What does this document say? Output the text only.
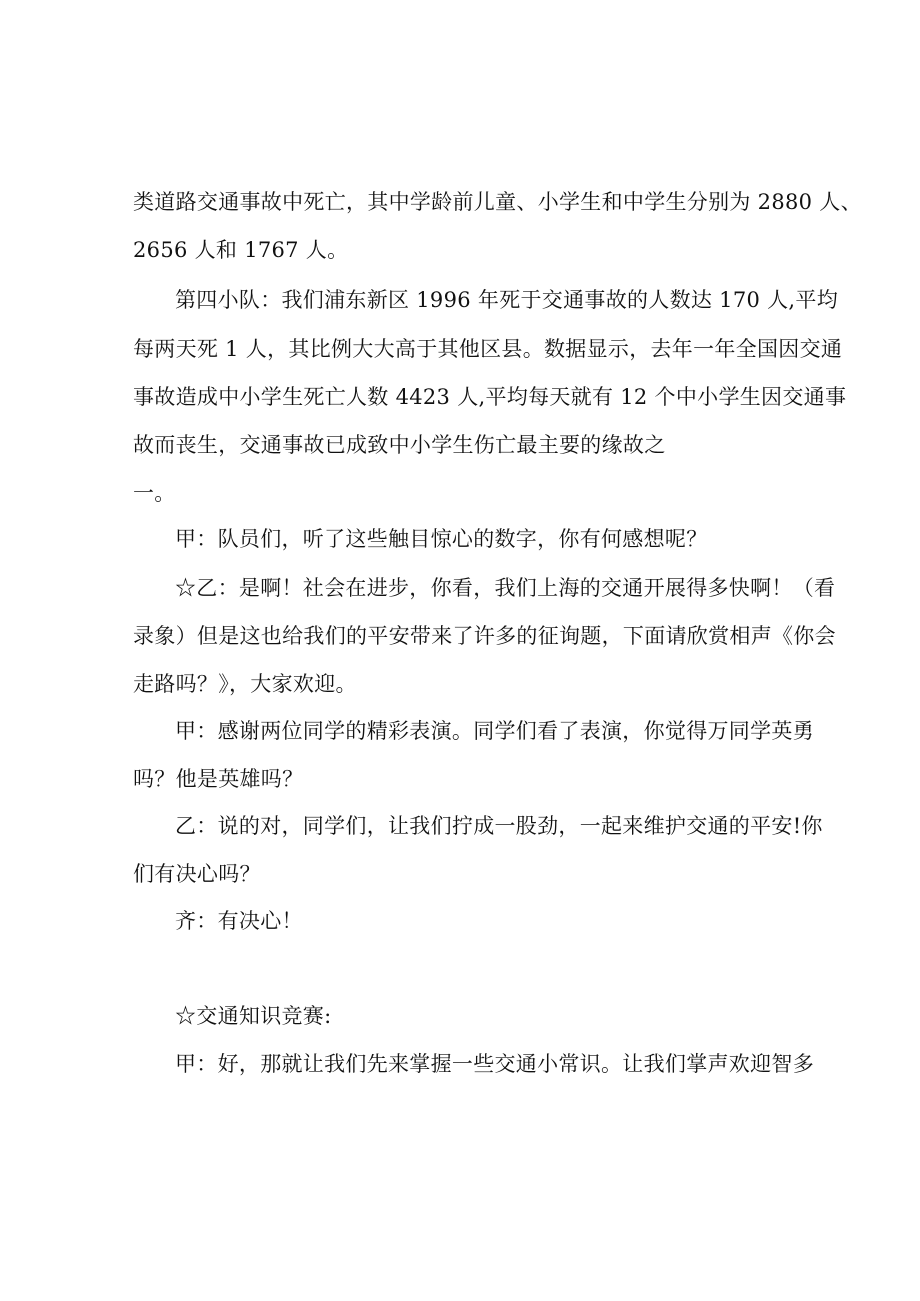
类道路交通事故中死亡，其中学龄前儿童、小学生和中学生分别为 2880 人、
2656 人和 1767 人。
第四小队：我们浦东新区 1996 年死于交通事故的人数达 170 人,平均
每两天死 1 人，其比例大大高于其他区县。数据显示，去年一年全国因交通
事故造成中小学生死亡人数 4423 人,平均每天就有 12 个中小学生因交通事
故而丧生，交通事故已成致中小学生伤亡最主要的缘故之
一。
甲：队员们，听了这些触目惊心的数字，你有何感想呢？
☆乙：是啊！社会在进步，你看，我们上海的交通开展得多快啊！（看
录象）但是这也给我们的平安带来了许多的征询题，下面请欣赏相声《你会
走路吗？》，大家欢迎。
甲：感谢两位同学的精彩表演。同学们看了表演，你觉得万同学英勇
吗？他是英雄吗？
乙：说的对，同学们，让我们拧成一股劲，一起来维护交通的平安!你
们有决心吗？
齐：有决心！
☆交通知识竞赛:
甲：好，那就让我们先来掌握一些交通小常识。让我们掌声欢迎智多
